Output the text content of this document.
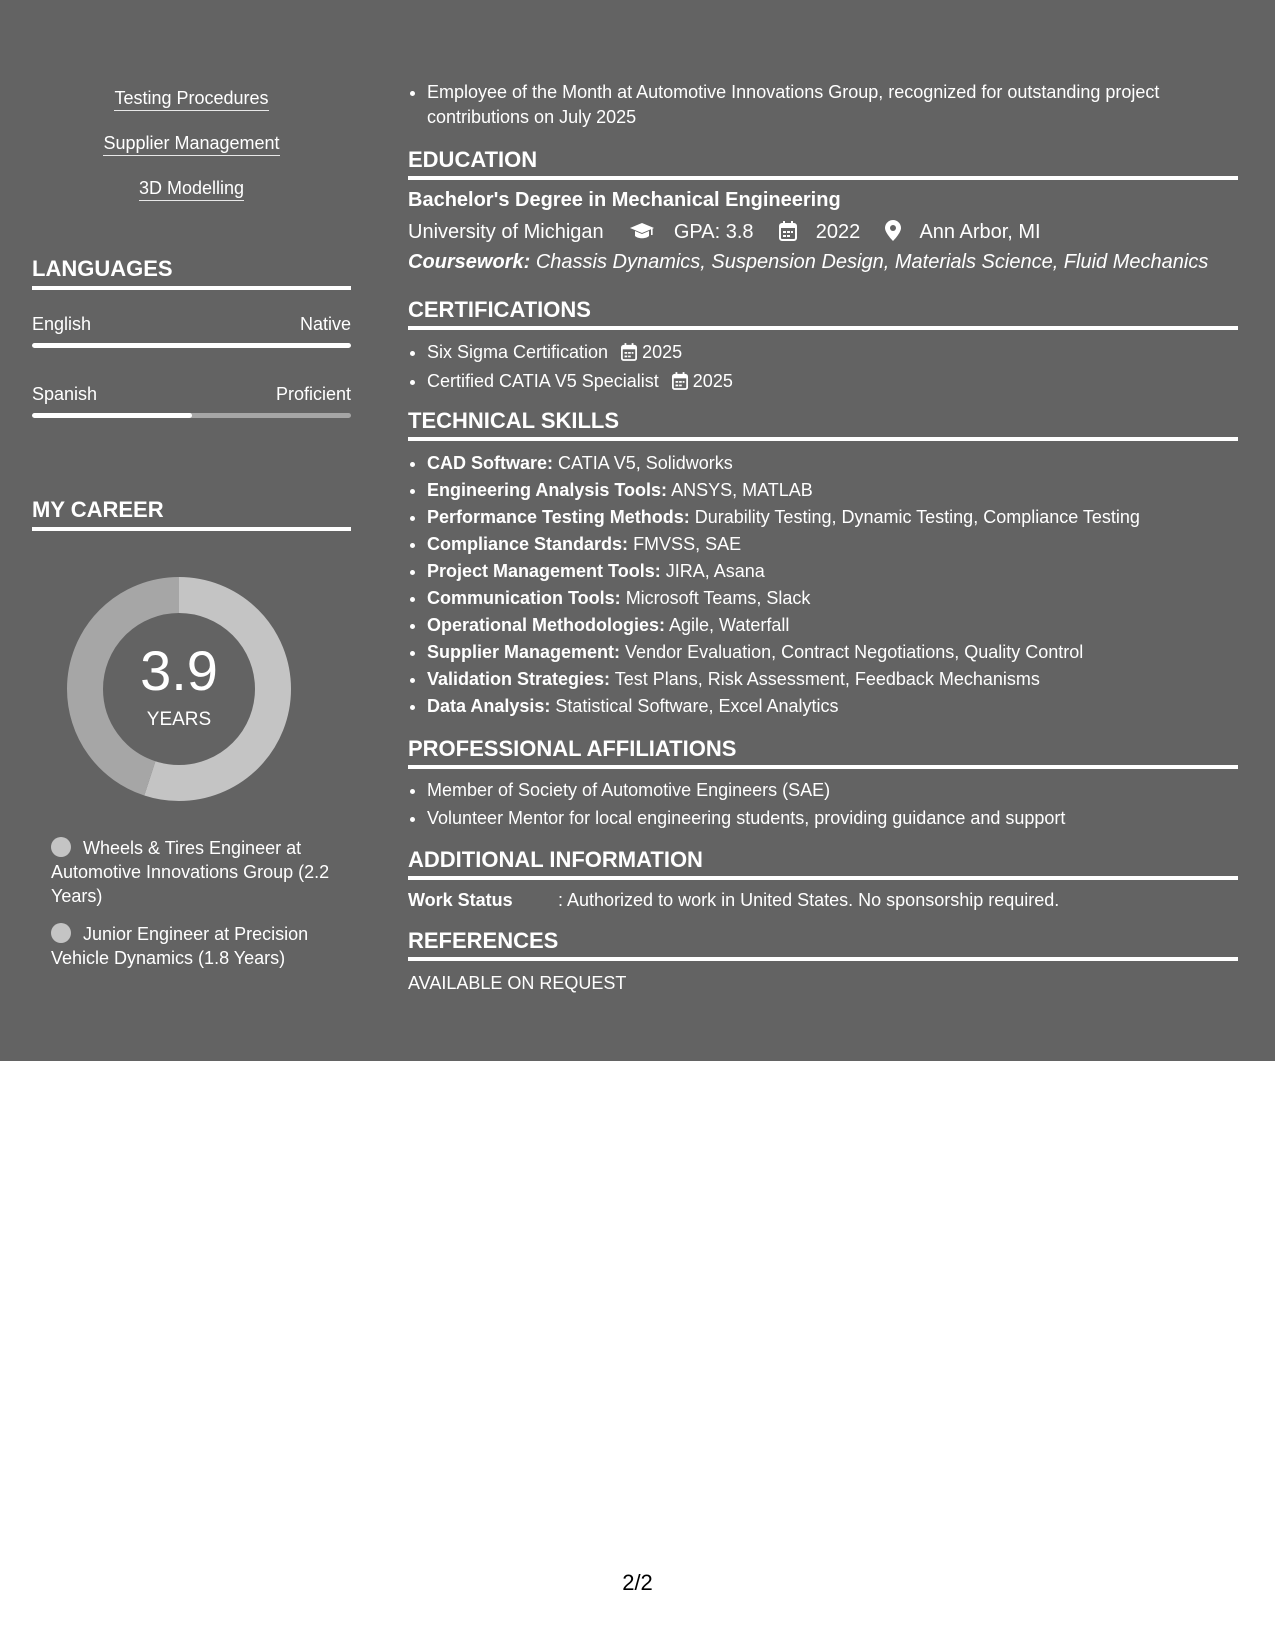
Testing Procedures
Supplier Management
3D Modelling
LANGUAGES
English	Native
Spanish	Proficient
MY CAREER
3.9
YEARS
Wheels & Tires Engineer at Automotive Innovations Group (2.2 Years)
Junior Engineer at Precision Vehicle Dynamics (1.8 Years)
• Employee of the Month at Automotive Innovations Group, recognized for outstanding project contributions on July 2025
EDUCATION
Bachelor's Degree in Mechanical Engineering
University of Michigan	GPA: 3.8	2022	Ann Arbor, MI
Coursework: Chassis Dynamics, Suspension Design, Materials Science, Fluid Mechanics
CERTIFICATIONS
• Six Sigma Certification 2025
• Certified CATIA V5 Specialist 2025
TECHNICAL SKILLS
• CAD Software: CATIA V5, Solidworks
• Engineering Analysis Tools: ANSYS, MATLAB
• Performance Testing Methods: Durability Testing, Dynamic Testing, Compliance Testing
• Compliance Standards: FMVSS, SAE
• Project Management Tools: JIRA, Asana
• Communication Tools: Microsoft Teams, Slack
• Operational Methodologies: Agile, Waterfall
• Supplier Management: Vendor Evaluation, Contract Negotiations, Quality Control
• Validation Strategies: Test Plans, Risk Assessment, Feedback Mechanisms
• Data Analysis: Statistical Software, Excel Analytics
PROFESSIONAL AFFILIATIONS
• Member of Society of Automotive Engineers (SAE)
• Volunteer Mentor for local engineering students, providing guidance and support
ADDITIONAL INFORMATION
Work Status	: Authorized to work in United States. No sponsorship required.
REFERENCES
AVAILABLE ON REQUEST
2/2
